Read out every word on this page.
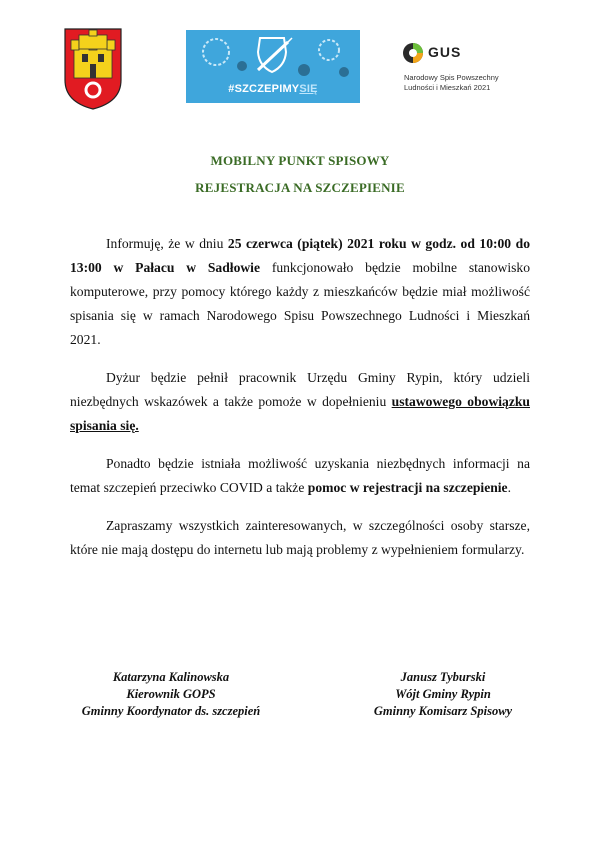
#SZCZEPIMYSIĘ
GUS
Narodowy Spis Powszechny
Ludności i Mieszkań 2021
MOBILNY PUNKT SPISOWY
REJESTRACJA NA SZCZEPIENIE

Informuję, że w dniu 25 czerwca (piątek) 2021 roku w godz. od 10:00 do 13:00 w Pałacu w Sadłowie funkcjonowało będzie mobilne stanowisko komputerowe, przy pomocy którego każdy z mieszkańców będzie miał możliwość spisania się w ramach Narodowego Spisu Powszechnego Ludności i Mieszkań 2021.

Dyżur będzie pełnił pracownik Urzędu Gminy Rypin, który udzieli niezbędnych wskazówek a także pomoże w dopełnieniu ustawowego obowiązku spisania się.

Ponadto będzie istniała możliwość uzyskania niezbędnych informacji na temat szczepień przeciwko COVID a także pomoc w rejestracji na szczepienie.

Zapraszamy wszystkich zainteresowanych, w szczególności osoby starsze, które nie mają dostępu do internetu lub mają problemy z wypełnieniem formularzy.

Katarzyna Kalinowska
Kierownik GOPS
Gminny Koordynator ds. szczepień
Janusz Tyburski
Wójt Gminy Rypin
Gminny Komisarz Spisowy
